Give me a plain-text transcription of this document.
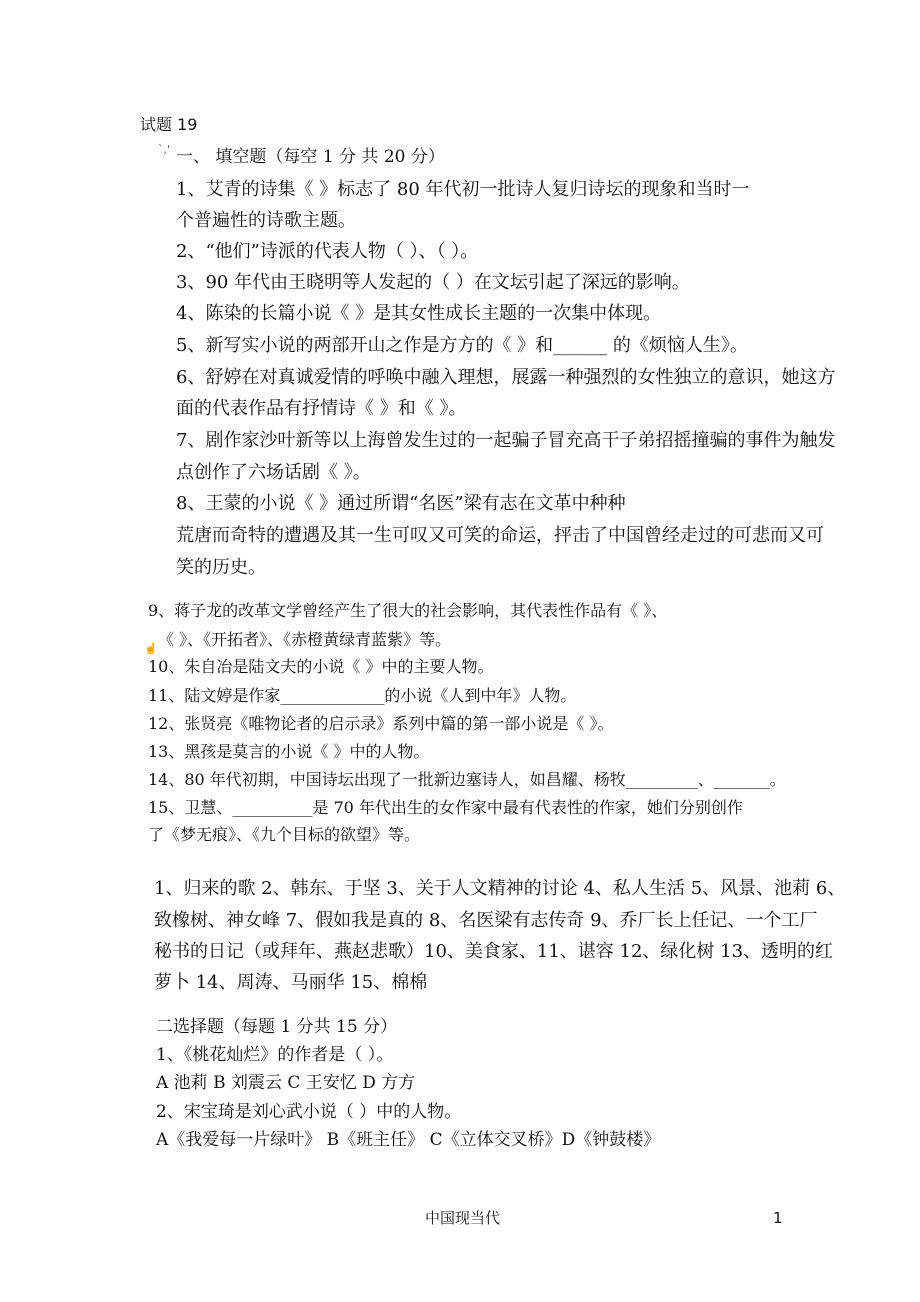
试题 19
`,' 一、 填空题（每空 1 分 共 20 分）
1、艾青的诗集《 》标志了 80 年代初一批诗人复归诗坛的现象和当时一
个普遍性的诗歌主题。
2、“他们”诗派的代表人物（ ）、（ ）。
3、90 年代由王晓明等人发起的（ ）在文坛引起了深远的影响。
4、陈染的长篇小说《 》是其女性成长主题的一次集中体现。
5、新写实小说的两部开山之作是方方的《 》和______ 的《烦恼人生》。
6、舒婷在对真诚爱情的呼唤中融入理想，展露一种强烈的女性独立的意识，她这方
面的代表作品有抒情诗《 》和《 》。
7、剧作家沙叶新等以上海曾发生过的一起骗子冒充高干子弟招摇撞骗的事件为触发
点创作了六场话剧《 》。
8、王蒙的小说《 》通过所谓“名医”梁有志在文革中种种
荒唐而奇特的遭遇及其一生可叹又可笑的命运，抨击了中国曾经走过的可悲而又可
笑的历史。
9、蒋子龙的改革文学曾经产生了很大的社会影响，其代表性作品有《 》、
☝ 《 》、《开拓者》、《赤橙黄绿青蓝紫》等。
10、朱自冶是陆文夫的小说《 》中的主要人物。
11、陆文婷是作家_____________的小说《人到中年》人物。
12、张贤亮《唯物论者的启示录》系列中篇的第一部小说是《 》。
13、黑孩是莫言的小说《 》中的人物。
14、80 年代初期，中国诗坛出现了一批新边塞诗人，如昌耀、杨牧_________、_______。
15、卫慧、__________是 70 年代出生的女作家中最有代表性的作家，她们分别创作
了《梦无痕》、《九个目标的欲望》等。
1、归来的歌 2、韩东、于坚 3、关于人文精神的讨论 4、私人生活 5、风景、池莉 6、
致橡树、神女峰 7、假如我是真的 8、名医梁有志传奇 9、乔厂长上任记、一个工厂
秘书的日记（或拜年、燕赵悲歌）10、美食家、11、谌容 12、绿化树 13、透明的红
萝卜 14、周涛、马丽华 15、棉棉
二选择题（每题 1 分共 15 分）
1、《桃花灿烂》的作者是（ ）。
A 池莉 B 刘震云 C 王安忆 D 方方
2、宋宝琦是刘心武小说（ ）中的人物。
A《我爱每一片绿叶》 B《班主任》 C《立体交叉桥》D《钟鼓楼》
中国现当代	1
